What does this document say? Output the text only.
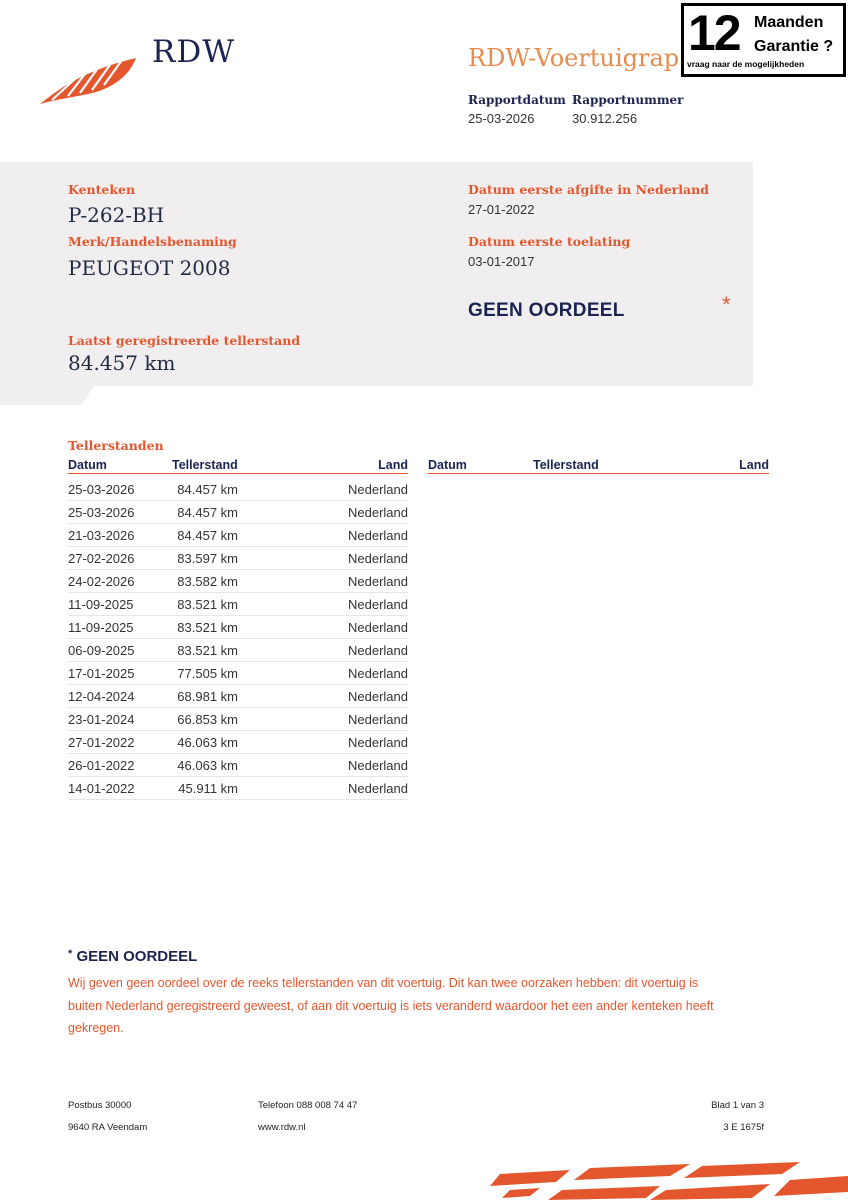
RDW	RDW-Voertuigrap
Rapportdatum
25-03-2026
Rapportnummer
30.912.256
12 Maanden
Garantie ?
vraag naar de mogelijkheden
Kenteken
P-262-BH
Merk/Handelsbenaming
PEUGEOT 2008
Datum eerste afgifte in Nederland
27-01-2022
Datum eerste toelating
03-01-2017
GEEN OORDEEL	*
Laatst geregistreerde tellerstand
84.457 km
Tellerstanden
Datum	Tellerstand	Land Datum	Tellerstand	Land
25-03-2026	84.457 km	Nederland
25-03-2026	84.457 km	Nederland
21-03-2026	84.457 km	Nederland
27-02-2026	83.597 km	Nederland
24-02-2026	83.582 km	Nederland
11-09-2025	83.521 km	Nederland
11-09-2025	83.521 km	Nederland
06-09-2025	83.521 km	Nederland
17-01-2025	77.505 km	Nederland
12-04-2024	68.981 km	Nederland
23-01-2024	66.853 km	Nederland
27-01-2022	46.063 km	Nederland
26-01-2022	46.063 km	Nederland
14-01-2022	45.911 km	Nederland
* GEEN OORDEEL
Wij geven geen oordeel over de reeks tellerstanden van dit voertuig. Dit kan twee oorzaken hebben: dit voertuig is buiten Nederland geregistreerd geweest, of aan dit voertuig is iets veranderd waardoor het een ander kenteken heeft gekregen.
Postbus 30000
9640 RA Veendam
Telefoon 088 008 74 47
www.rdw.nl
Blad 1 van 3
3 E 1675f
